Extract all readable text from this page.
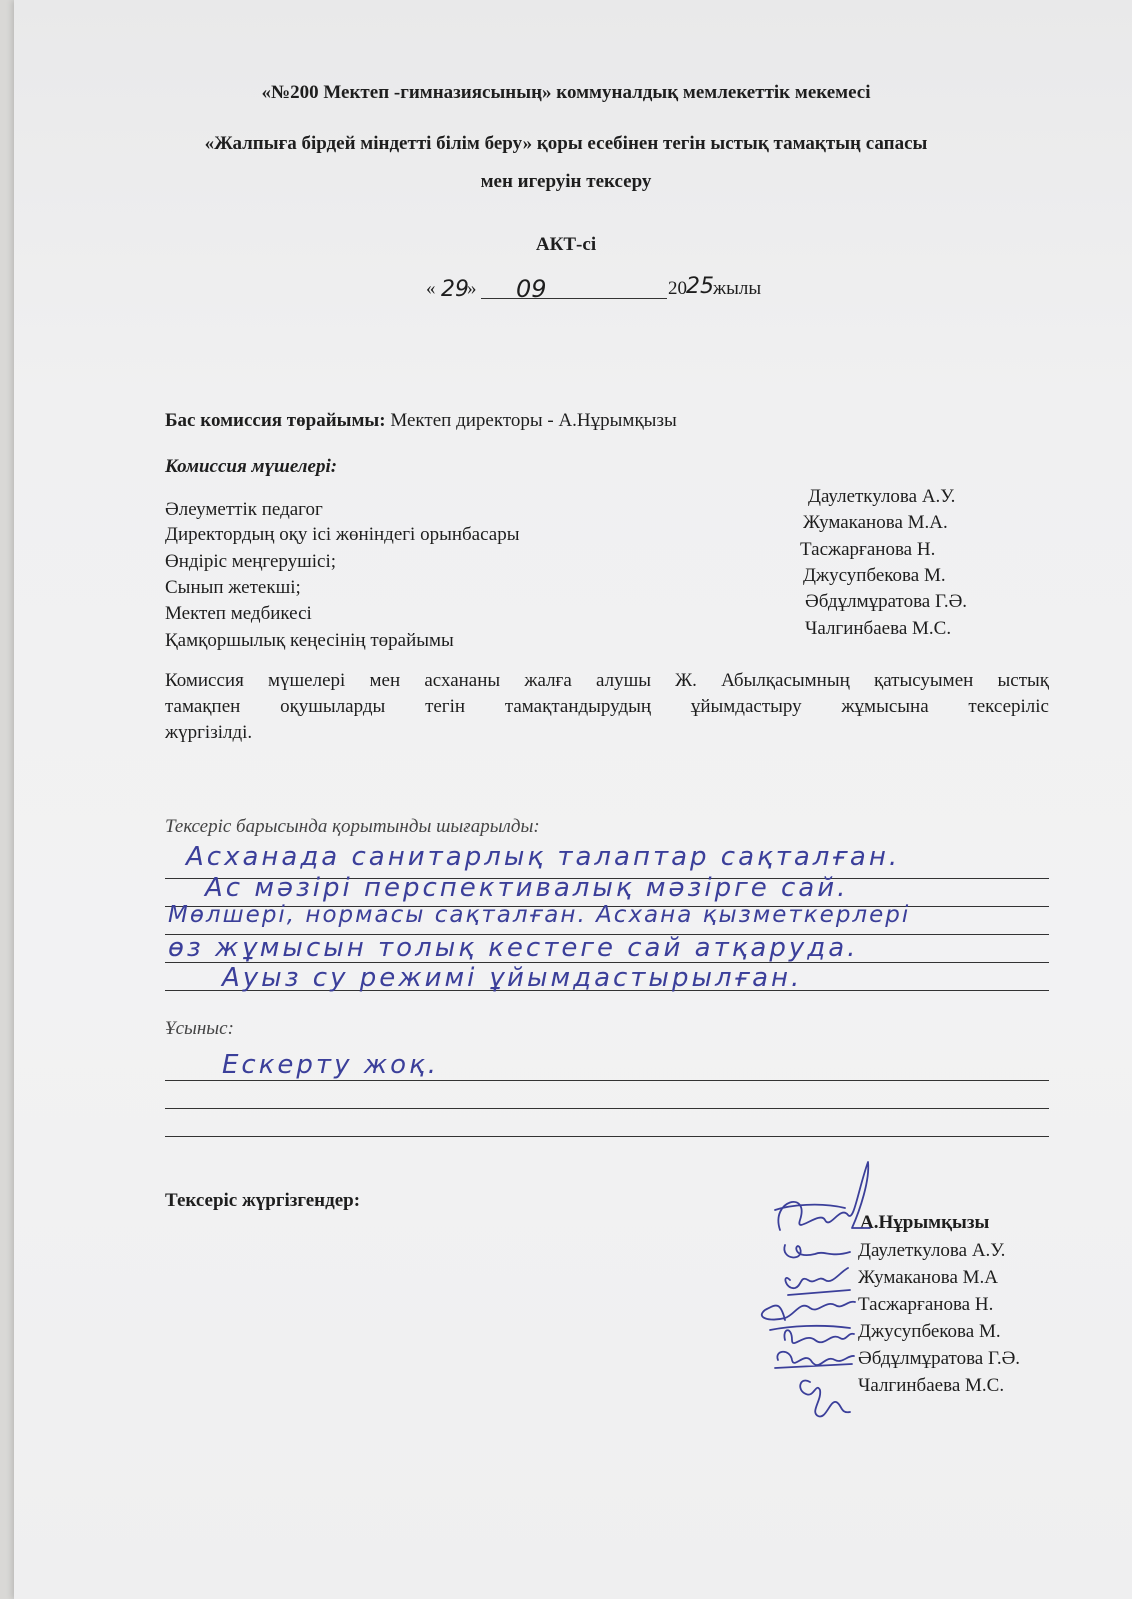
«№200 Мектеп -гимназиясының» коммуналдық мемлекеттік мекемесі
«Жалпыға бірдей міндетті білім беру» қоры есебінен тегін ыстық тамақтың сапасы
мен игеруін тексеру
АКТ-сі
« 29
» 09	20 25 жылы
Бас комиссия төрайымы: Мектеп директоры - А.Нұрымқызы
Комиссия мүшелері:
Әлеуметтік педагог
Директордың оқу ісі жөніндегі орынбасары
Өндіріс меңгерушісі;
Сынып жетекші;
Мектеп медбикесі
Қамқоршылық кеңесінің төрайымы
Даулеткулова А.У.
Жумаканова М.А.
Тасжарғанова Н.
Джусупбекова М.
Әбдұлмұратова Г.Ә.
Чалгинбаева М.С.
Комиссия мүшелері мен асхананы жалға алушы Ж. Абылқасымның қатысуымен ыстық
тамақпен оқушыларды тегін тамақтандырудың ұйымдастыру жұмысына тексеріліс
жүргізілді.
Тексеріс барысында қорытынды шығарылды:
Асханада санитарлық талаптар сақталған.
Ас мәзірі перспективалық мәзірге сай.
Мөлшері, нормасы сақталған. Асхана қызметкерлері
өз жұмысын толық кестеге сай атқаруда.
Ауыз су режимі ұйымдастырылған.
Ұсыныс:
Ескерту жоқ.
Тексеріс жүргізгендер:
А.Нұрымқызы
Даулеткулова А.У.
Жумаканова М.А
Тасжарғанова Н.
Джусупбекова М.
Әбдұлмұратова Г.Ә.
Чалгинбаева М.С.
